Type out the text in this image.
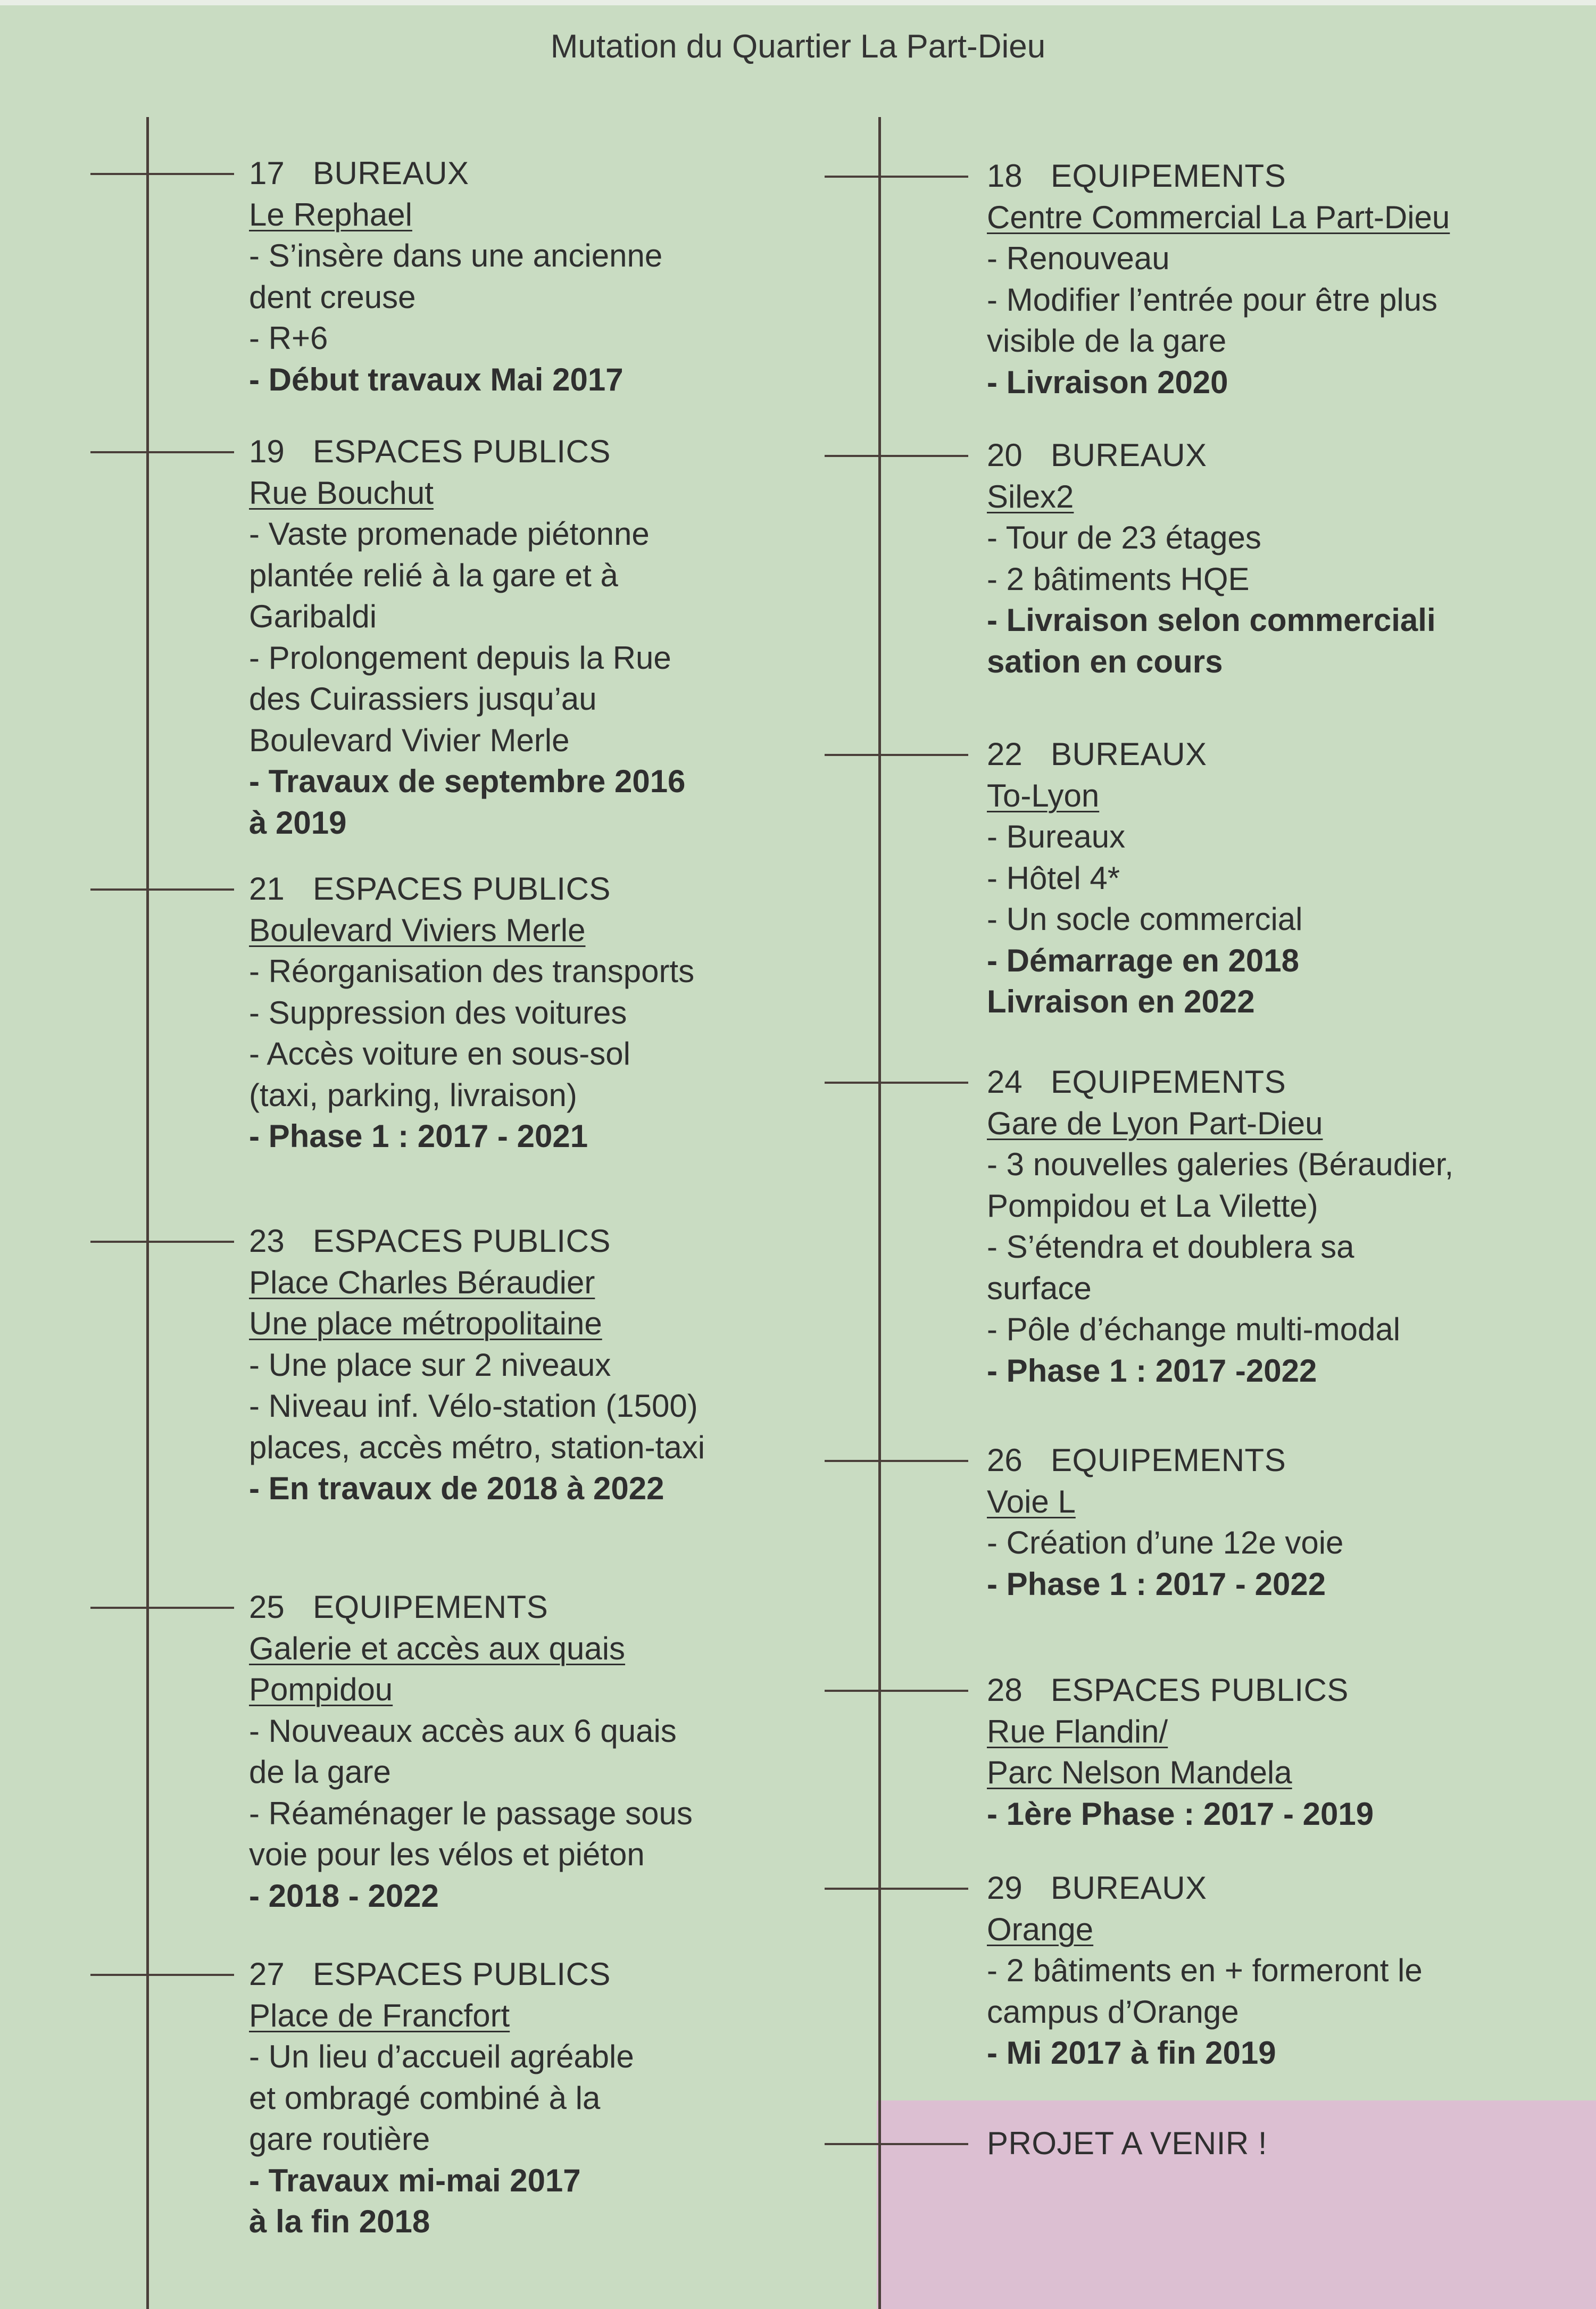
Mutation du Quartier La Part-Dieu
17 BUREAUX
Le Rephael
- S’insère dans une ancienne
dent creuse
- R+6
- Début travaux Mai 2017
19 ESPACES PUBLICS
Rue Bouchut
- Vaste promenade piétonne
plantée relié à la gare et à
Garibaldi
- Prolongement depuis la Rue
des Cuirassiers jusqu’au
Boulevard Vivier Merle
- Travaux de septembre 2016
à 2019
21 ESPACES PUBLICS
Boulevard Viviers Merle
- Réorganisation des transports
- Suppression des voitures
- Accès voiture en sous-sol
(taxi, parking, livraison)
- Phase 1 : 2017 - 2021
23 ESPACES PUBLICS
Place Charles Béraudier
Une place métropolitaine
- Une place sur 2 niveaux
- Niveau inf. Vélo-station (1500)
places, accès métro, station-taxi
- En travaux de 2018 à 2022
25 EQUIPEMENTS
Galerie et accès aux quais
Pompidou
- Nouveaux accès aux 6 quais
de la gare
- Réaménager le passage sous
voie pour les vélos et piéton
- 2018 - 2022
27 ESPACES PUBLICS
Place de Francfort
- Un lieu d’accueil agréable
et ombragé combiné à la
gare routière
- Travaux mi-mai 2017
à la fin 2018
18 EQUIPEMENTS
Centre Commercial La Part-Dieu
- Renouveau
- Modifier l’entrée pour être plus
visible de la gare
- Livraison 2020
20 BUREAUX
Silex2
- Tour de 23 étages
- 2 bâtiments HQE
- Livraison selon commerciali
sation en cours
22 BUREAUX
To-Lyon
- Bureaux
- Hôtel 4*
- Un socle commercial
- Démarrage en 2018
Livraison en 2022
24 EQUIPEMENTS
Gare de Lyon Part-Dieu
- 3 nouvelles galeries (Béraudier,
Pompidou et La Vilette)
- S’étendra et doublera sa
surface
- Pôle d’échange multi-modal
- Phase 1 : 2017 -2022
26 EQUIPEMENTS
Voie L
- Création d’une 12e voie
- Phase 1 : 2017 - 2022
28 ESPACES PUBLICS
Rue Flandin/
Parc Nelson Mandela
- 1ère Phase : 2017 - 2019
29 BUREAUX
Orange
- 2 bâtiments en + formeront le
campus d’Orange
- Mi 2017 à fin 2019
PROJET A VENIR !
